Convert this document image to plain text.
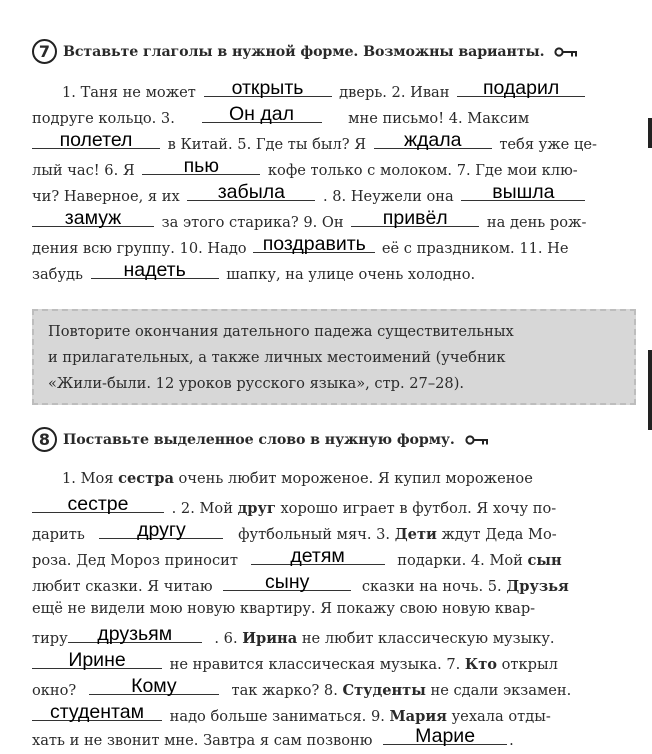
7 Вставьте глаголы в нужной форме. Возможны варианты.
1. Таня не может	открыть	дверь. 2. Иван	подарил
подруге кольцо. 3.	Он дал	мне письмо! 4. Максим
полетел	в Китай. 5. Где ты был? Я	ждала	тебя уже це-
лый час! 6. Я	пью	кофе только с молоком. 7. Где мои клю-
чи? Наверное, я их	забыла	. 8. Неужели она	вышла
замуж	за этого старика? 9. Он	привёл	на день рож-
дения всю группу. 10. Надо поздравить	её с праздником. 11. Не
забудь	надеть	шапку, на улице очень холодно.
Повторите окончания дательного падежа существительных
и прилагательных, а также личных местоимений (учебник
«Жили-были. 12 уроков русского языка», стр. 27–28).
8 Поставьте выделенное слово в нужную форму.
1. Моя сестра очень любит мороженое. Я купил мороженое
сестре	. 2. Мой друг хорошо играет в футбол. Я хочу по-
дарить	другу	футбольный мяч. 3. Дети ждут Деда Мо-
роза. Дед Мороз приносит	детям	подарки. 4. Мой сын
любит сказки. Я читаю	сыну	сказки на ночь. 5. Друзья
ещё не видели мою новую квартиру. Я покажу свою новую квар-
тиру	друзьям	. 6. Ирина не любит классическую музыку.
Ирине	не нравится классическая музыка. 7. Кто открыл
окно?	Кому	так жарко? 8. Студенты не сдали экзамен.
студентам	надо больше заниматься. 9. Мария уехала отды-
хать и не звонит мне. Завтра я сам позвоню	Марие	.
